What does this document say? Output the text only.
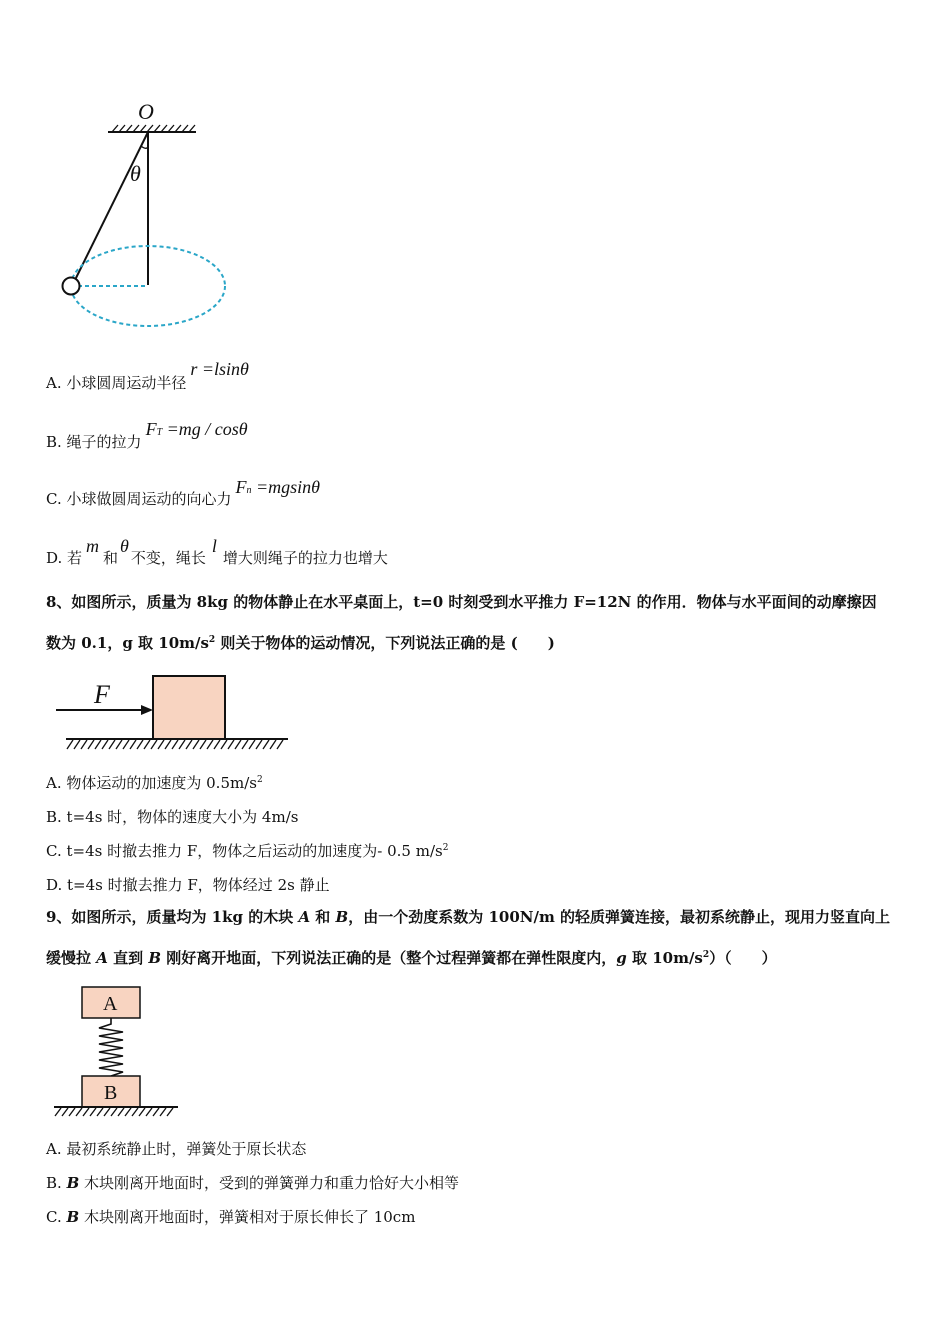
O
θ
A. 小球圆周运动半径r =lsinθ
B. 绳子的拉力FT =mg / cosθ
C. 小球做圆周运动的向心力Fn =mgsinθ
D. 若m和θ不变，绳长l增大则绳子的拉力也增大
8、如图所示，质量为 8kg 的物体静止在水平桌面上，t=0 时刻受到水平推力 F=12N 的作用．物体与水平面间的动摩擦因
数为 0.1，g 取 $10m/s^2$ 则关于物体的运动情况，下列说法正确的是 (　　)
F
A. 物体运动的加速度为 $0.5m/s^2$
B. t=4s 时，物体的速度大小为 4m/s
C. t=4s 时撤去推力 F，物体之后运动的加速度为- 0.5 $m/s^2$
D. t=4s 时撤去推力 F，物体经过 2s 静止
9、如图所示，质量均为 1kg 的木块 A 和 B，由一个劲度系数为 100N/m 的轻质弹簧连接，最初系统静止，现用力竖直向上
缓慢拉 A 直到 B 刚好离开地面，下列说法正确的是（整个过程弹簧都在弹性限度内，g 取 $10m/s^2$）（　　）
A
B
A. 最初系统静止时，弹簧处于原长状态
B. B 木块刚离开地面时，受到的弹簧弹力和重力恰好大小相等
C. B 木块刚离开地面时，弹簧相对于原长伸长了 10cm
